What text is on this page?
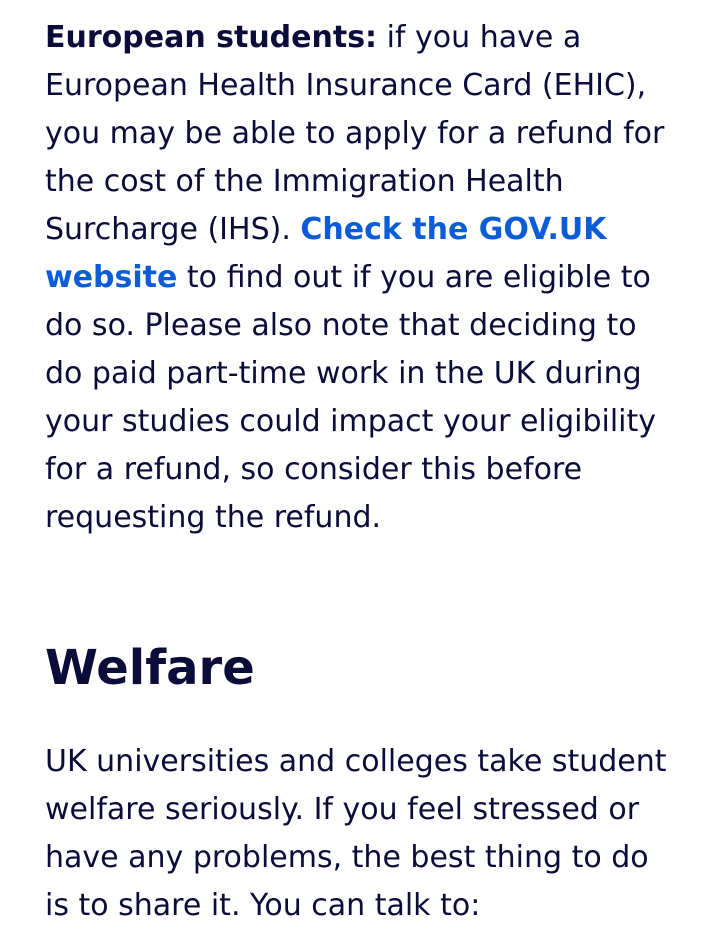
European students: if you have a European Health Insurance Card (EHIC), you may be able to apply for a refund for the cost of the Immigration Health Surcharge (IHS). Check the GOV.UK website to find out if you are eligible to do so. Please also note that deciding to do paid part-time work in the UK during your studies could impact your eligibility for a refund, so consider this before requesting the refund.

Welfare

UK universities and colleges take student welfare seriously. If you feel stressed or have any problems, the best thing to do is to share it. You can talk to:
